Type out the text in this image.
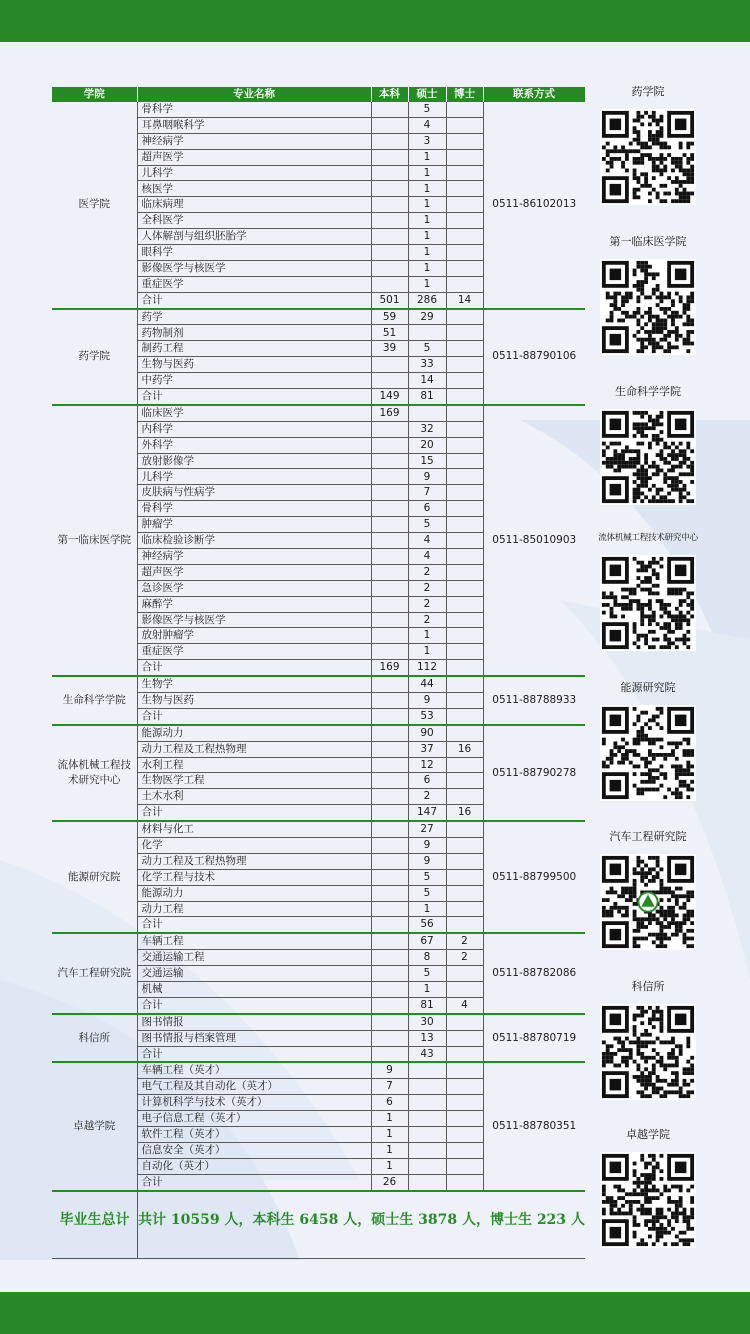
学院	专业名称	本科	硕士	博士	联系方式
医学院	骨科学		5		0511-86102013
	耳鼻咽喉科学		4		
	神经病学		3		
	超声医学		1		
	儿科学		1		
	核医学		1		
	临床病理		1		
	全科医学		1		
	人体解剖与组织胚胎学		1		
	眼科学		1		
	影像医学与核医学		1		
	重症医学		1		
	合计	501	286	14	
药学院	药学	59	29		0511-88790106
	药物制剂	51			
	制药工程	39	5		
	生物与医药		33		
	中药学		14		
	合计	149	81		
第一临床医学院	临床医学	169			0511-85010903
	内科学		32		
	外科学		20		
	放射影像学		15		
	儿科学		9		
	皮肤病与性病学		7		
	骨科学		6		
	肿瘤学		5		
	临床检验诊断学		4		
	神经病学		4		
	超声医学		2		
	急诊医学		2		
	麻醉学		2		
	影像医学与核医学		2		
	放射肿瘤学		1		
	重症医学		1		
	合计	169	112		
生命科学学院	生物学		44		0511-88788933
	生物与医药		9		
	合计		53		
流体机械工程技术研究中心	能源动力		90		0511-88790278
	动力工程及工程热物理		37	16	
	水利工程		12		
	生物医学工程		6		
	土木水利		2		
	合计		147	16	
能源研究院	材料与化工		27		0511-88799500
	化学		9		
	动力工程及工程热物理		9		
	化学工程与技术		5		
	能源动力		5		
	动力工程		1		
	合计		56		
汽车工程研究院	车辆工程		67	2	0511-88782086
	交通运输工程		8	2	
	交通运输		5		
	机械		1		
	合计		81	4	
科信所	图书情报		30		0511-88780719
	图书情报与档案管理		13		
	合计		43		
卓越学院	车辆工程（英才）	9			0511-88780351
	电气工程及其自动化（英才）	7			
	计算机科学与技术（英才）	6			
	电子信息工程（英才）	1			
	软件工程（英才）	1			
	信息安全（英才）	1			
	自动化（英才）	1			
	合计	26			
毕业生总计 共计 10559 人，本科生 6458 人，硕士生 3878 人，博士生 223 人
药学院
第一临床医学院
生命科学学院
流体机械工程技术研究中心
能源研究院
汽车工程研究院
科信所
卓越学院
